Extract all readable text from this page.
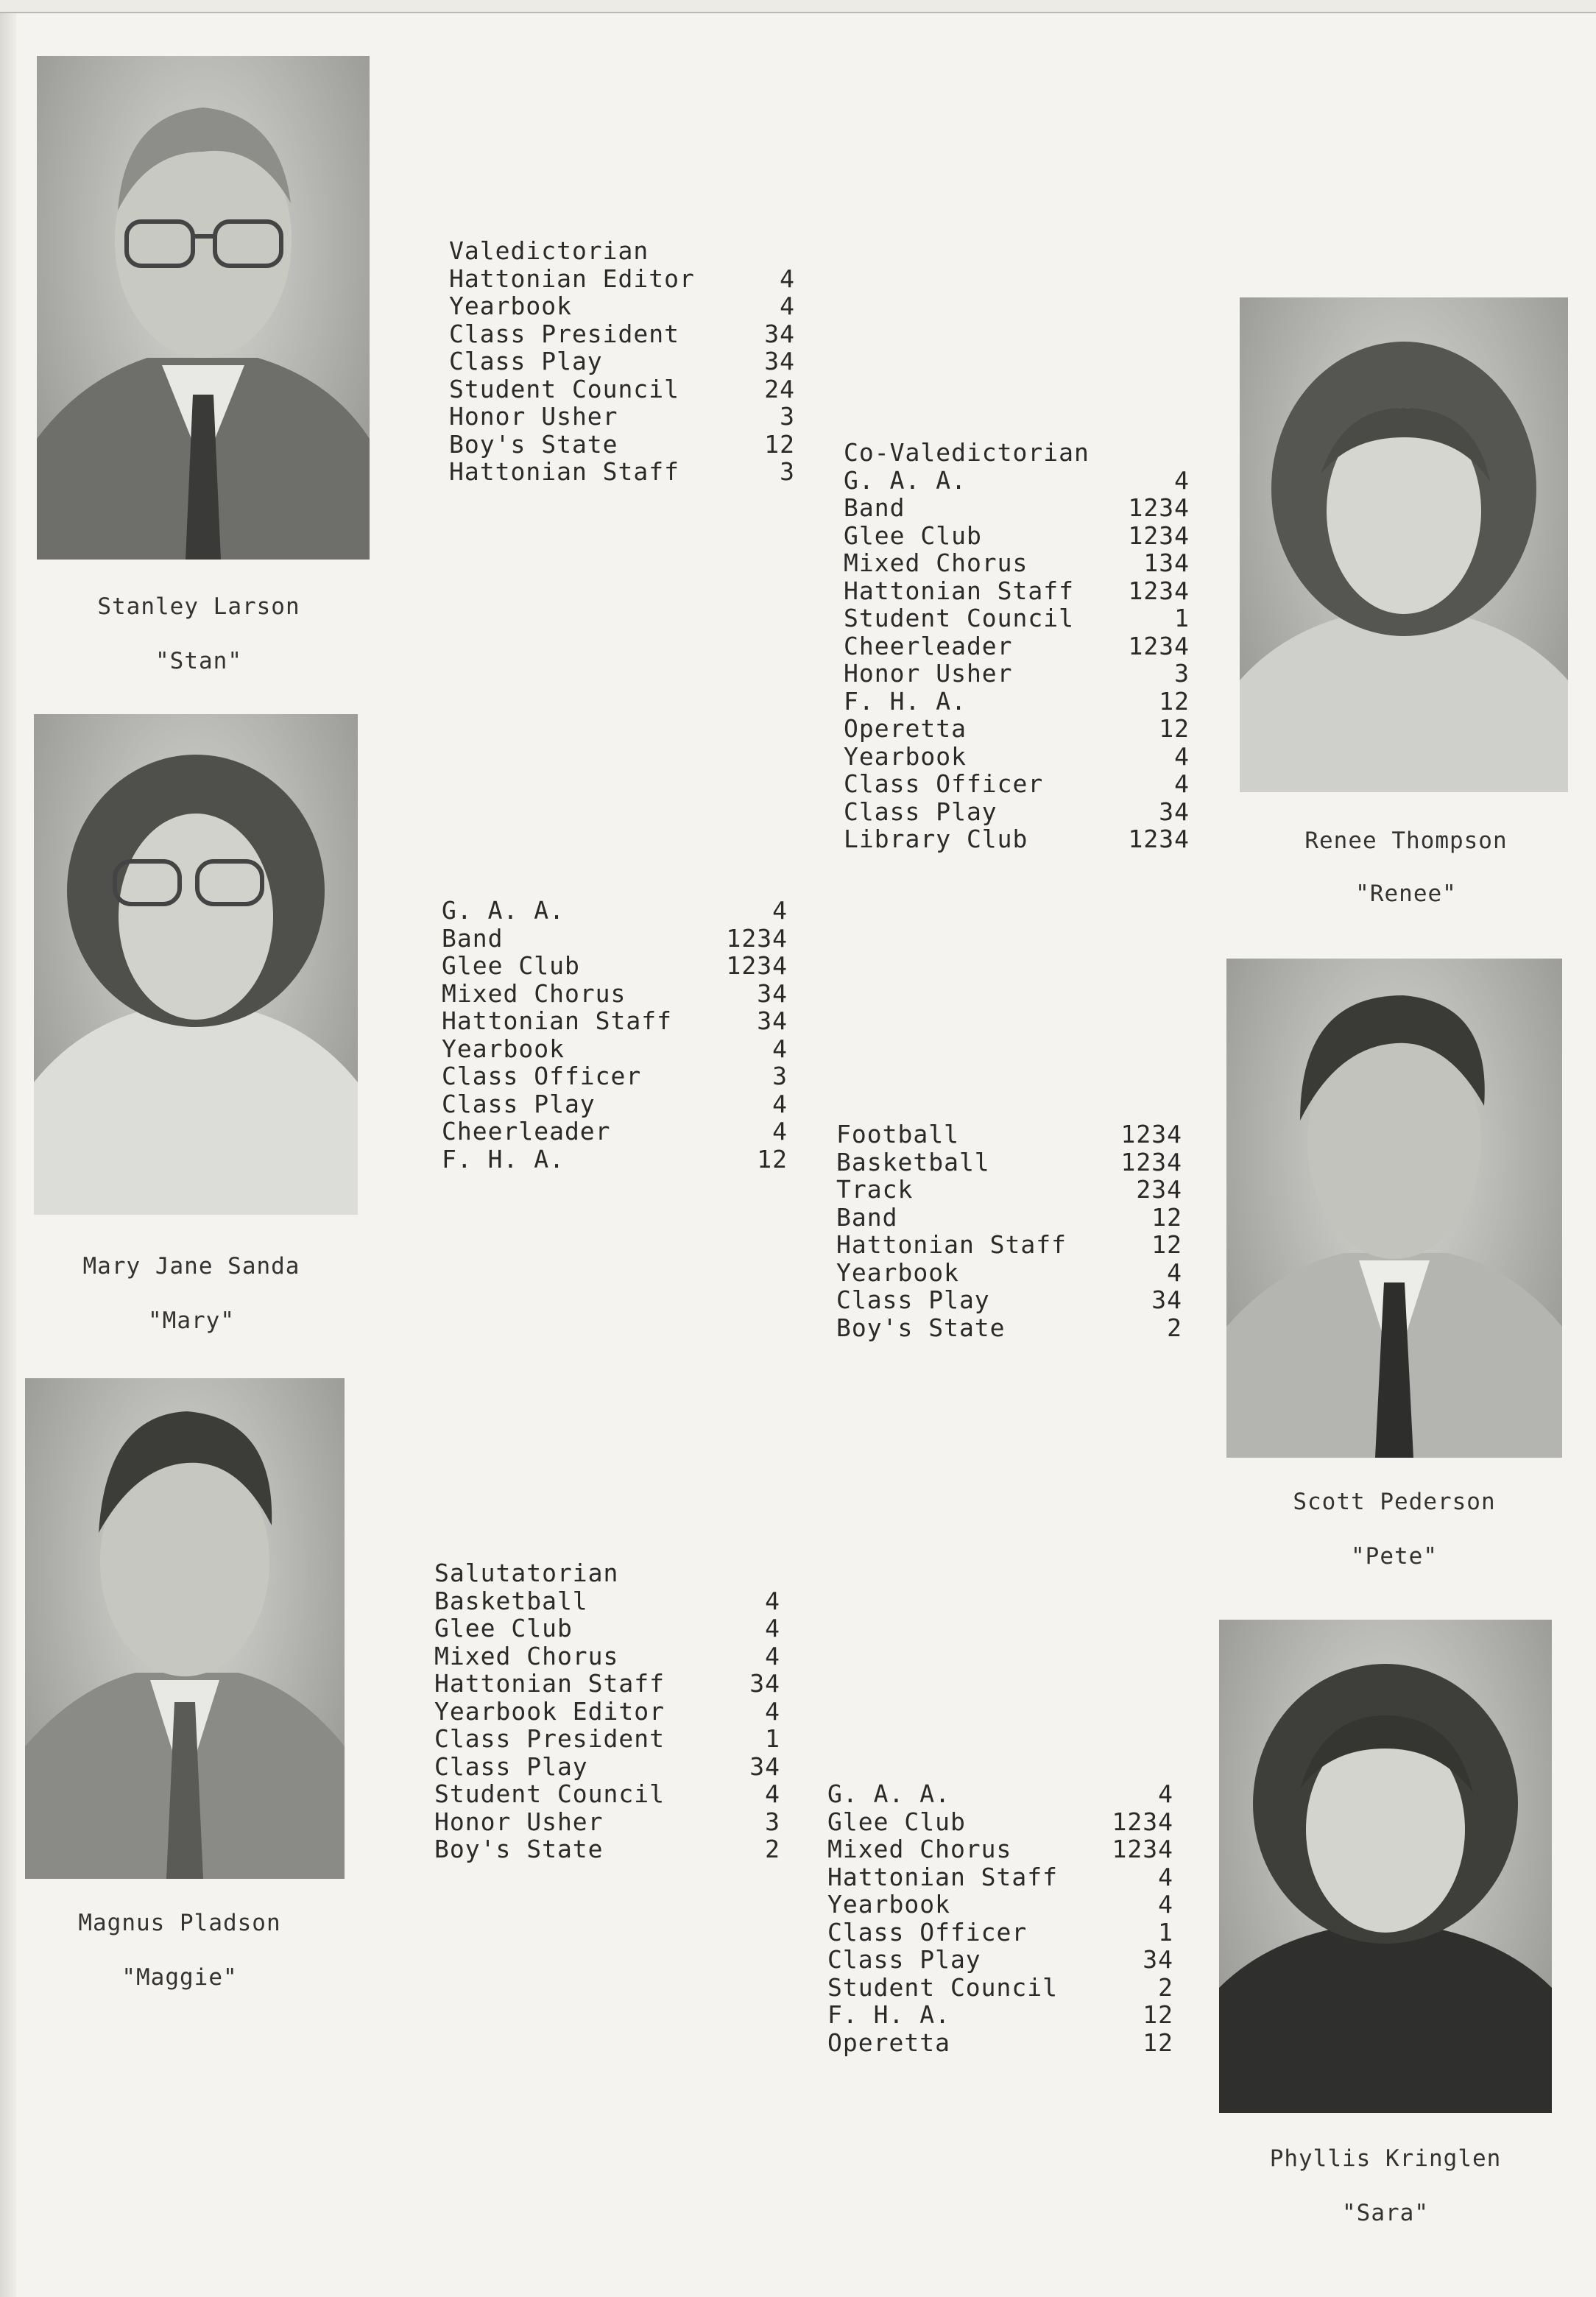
Stanley Larson
"Stan"
Valedictorian
Hattonian Editor	4
Yearbook	4
Class President	34
Class Play	34
Student Council	24
Honor Usher	3
Boy's State	12
Hattonian Staff	3
Renee Thompson
"Renee"
Co-Valedictorian
G. A. A.	4
Band	1234
Glee Club	1234
Mixed Chorus	134
Hattonian Staff 1234
Student Council	1
Cheerleader	1234
Honor Usher	3
F. H. A.	12
Operetta	12
Yearbook	4
Class Officer	4
Class Play	34
Library Club	1234
Mary Jane Sanda
"Mary"
G. A. A.	4
Band	1234
Glee Club	1234
Mixed Chorus	34
Hattonian Staff	34
Yearbook	4
Class Officer	3
Class Play	4
Cheerleader	4
F. H. A.	12
Scott Pederson
"Pete"
Football	1234
Basketball	1234
Track	234
Band	12
Hattonian Staff	12
Yearbook	4
Class Play	34
Boy's State	2
Magnus Pladson
"Maggie"
Salutatorian
Basketball	4
Glee Club	4
Mixed Chorus	4
Hattonian Staff	34
Yearbook Editor	4
Class President	1
Class Play	34
Student Council	4
Honor Usher	3
Boy's State	2
Phyllis Kringlen
"Sara"
G. A. A.	4
Glee Club	1234
Mixed Chorus	1234
Hattonian Staff	4
Yearbook	4
Class Officer	1
Class Play	34
Student Council	2
F. H. A.	12
Operetta	12
